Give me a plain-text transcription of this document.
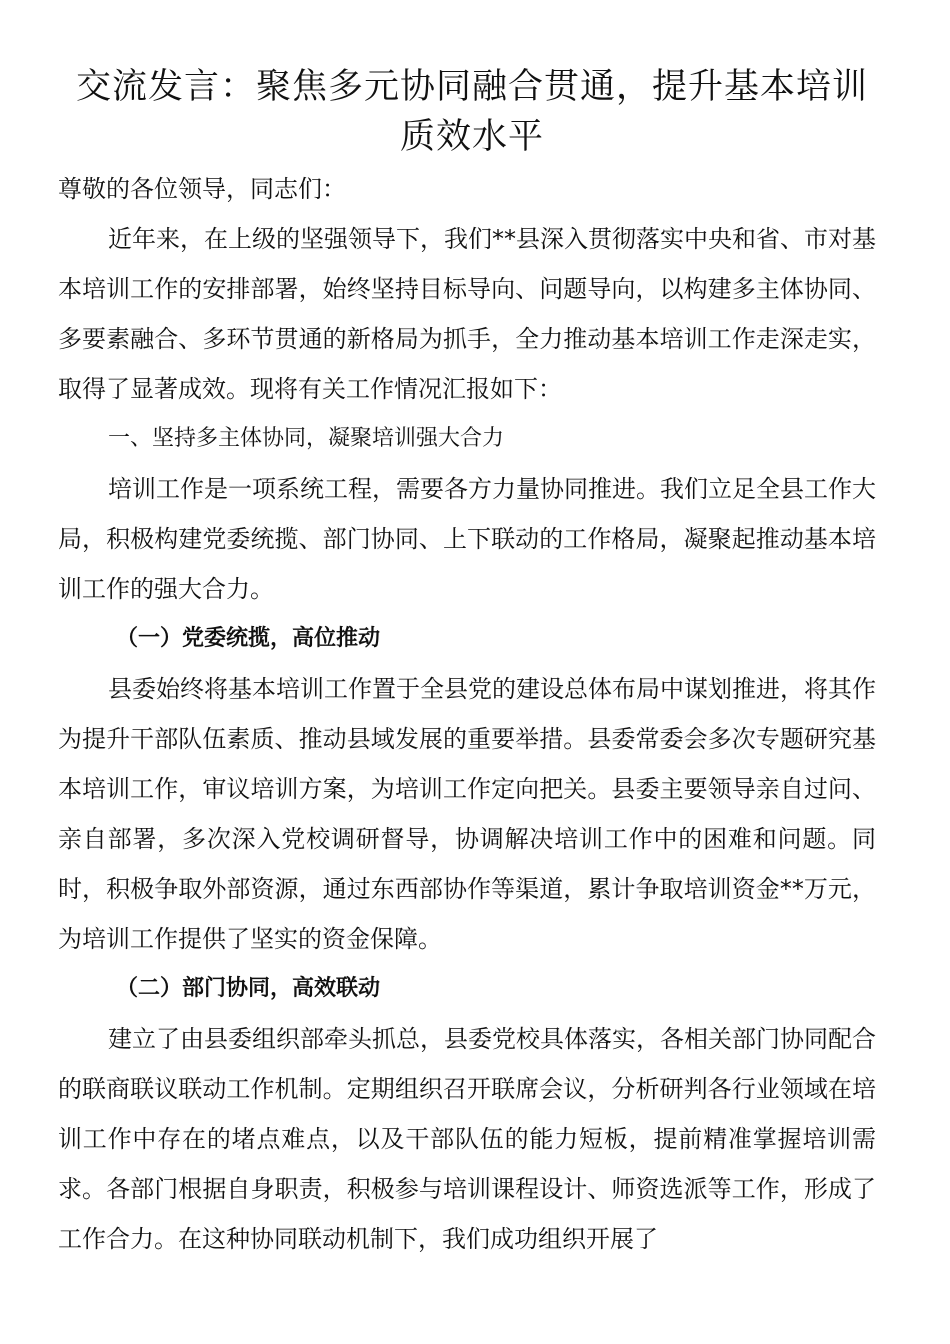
交流发言：聚焦多元协同融合贯通，提升基本培训质效水平

尊敬的各位领导，同志们：

近年来，在上级的坚强领导下，我们**县深入贯彻落实中央和省、市对基本培训工作的安排部署，始终坚持目标导向、问题导向，以构建多主体协同、多要素融合、多环节贯通的新格局为抓手，全力推动基本培训工作走深走实，取得了显著成效。现将有关工作情况汇报如下：

一、坚持多主体协同，凝聚培训强大合力

培训工作是一项系统工程，需要各方力量协同推进。我们立足全县工作大局，积极构建党委统揽、部门协同、上下联动的工作格局，凝聚起推动基本培训工作的强大合力。

（一）党委统揽，高位推动

县委始终将基本培训工作置于全县党的建设总体布局中谋划推进，将其作为提升干部队伍素质、推动县域发展的重要举措。县委常委会多次专题研究基本培训工作，审议培训方案，为培训工作定向把关。县委主要领导亲自过问、亲自部署，多次深入党校调研督导，协调解决培训工作中的困难和问题。同时，积极争取外部资源，通过东西部协作等渠道，累计争取培训资金**万元，为培训工作提供了坚实的资金保障。

（二）部门协同，高效联动

建立了由县委组织部牵头抓总，县委党校具体落实，各相关部门协同配合的联商联议联动工作机制。定期组织召开联席会议，分析研判各行业领域在培训工作中存在的堵点难点，以及干部队伍的能力短板，提前精准掌握培训需求。各部门根据自身职责，积极参与培训课程设计、师资选派等工作，形成了工作合力。在这种协同联动机制下，我们成功组织开展了
